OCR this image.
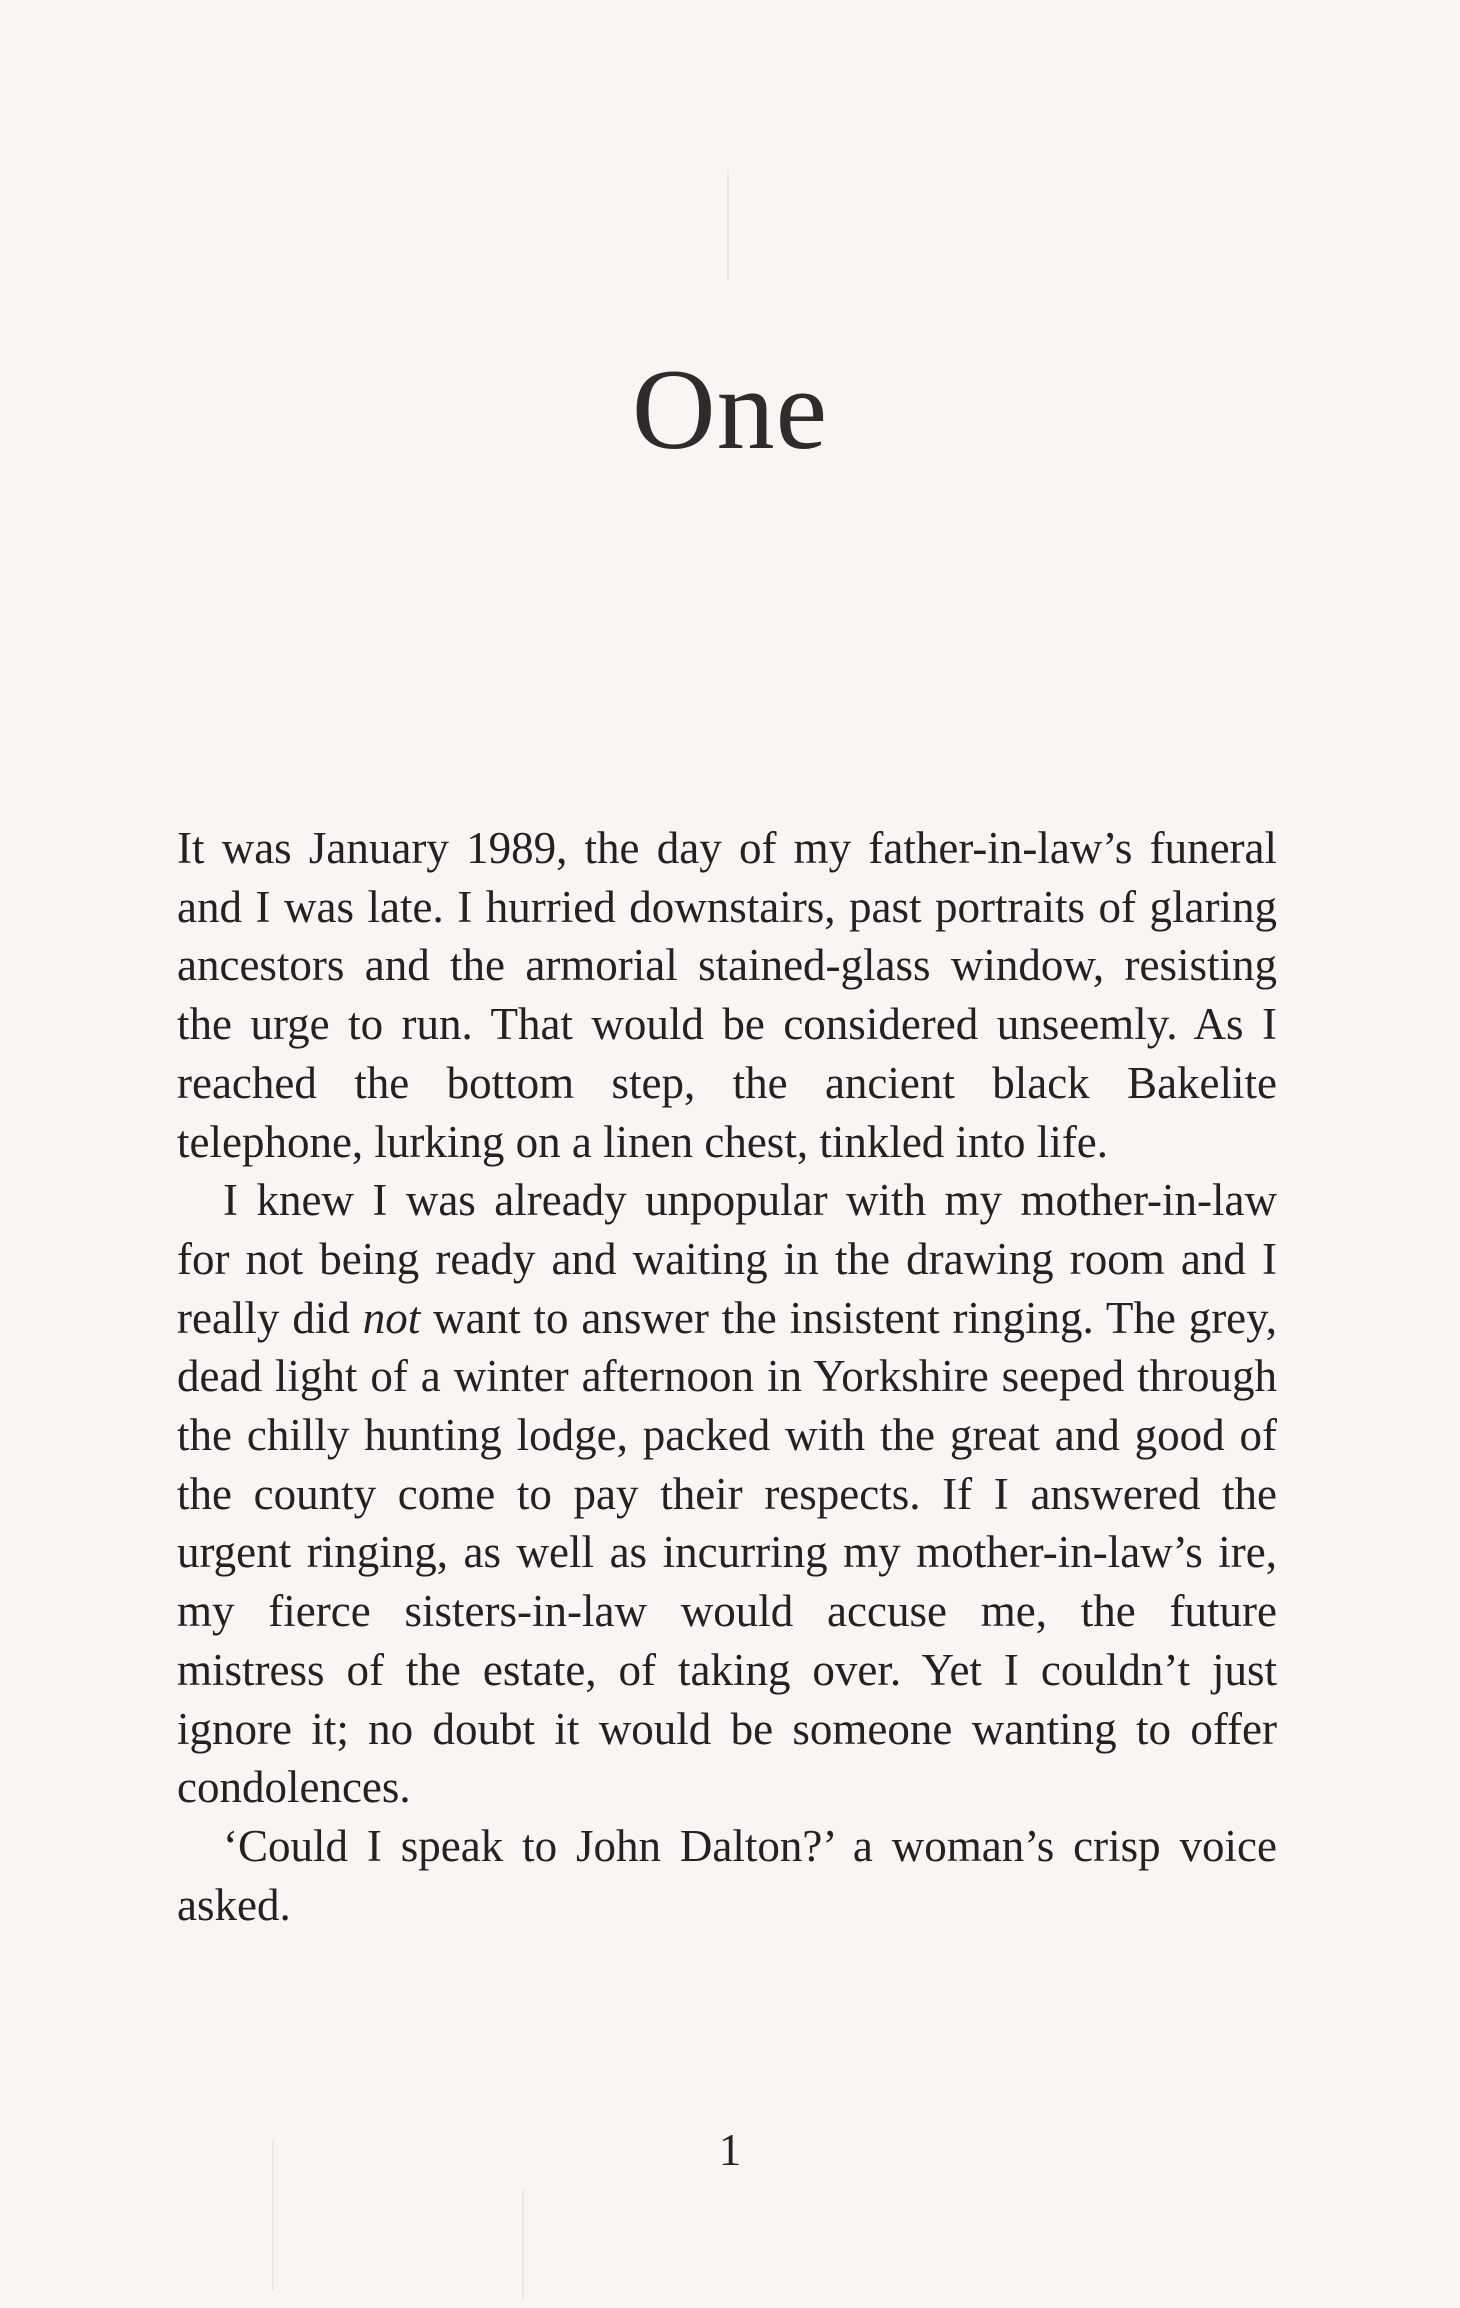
One

It was January 1989, the day of my father-in-law’s funeral and I was late. I hurried downstairs, past portraits of glaring ancestors and the armorial stained-glass window, resisting the urge to run. That would be considered unseemly. As I reached the bottom step, the ancient black Bakelite telephone, lurking on a linen chest, tinkled into life.

I knew I was already unpopular with my mother-in-law for not being ready and waiting in the drawing room and I really did not want to answer the insistent ringing. The grey, dead light of a winter afternoon in Yorkshire seeped through the chilly hunting lodge, packed with the great and good of the county come to pay their respects. If I answered the urgent ringing, as well as incurring my mother-in-law’s ire, my fierce sisters-in-law would accuse me, the future mistress of the estate, of taking over. Yet I couldn’t just ignore it; no doubt it would be someone wanting to offer condolences.

‘Could I speak to John Dalton?’ a woman’s crisp voice asked.

1
